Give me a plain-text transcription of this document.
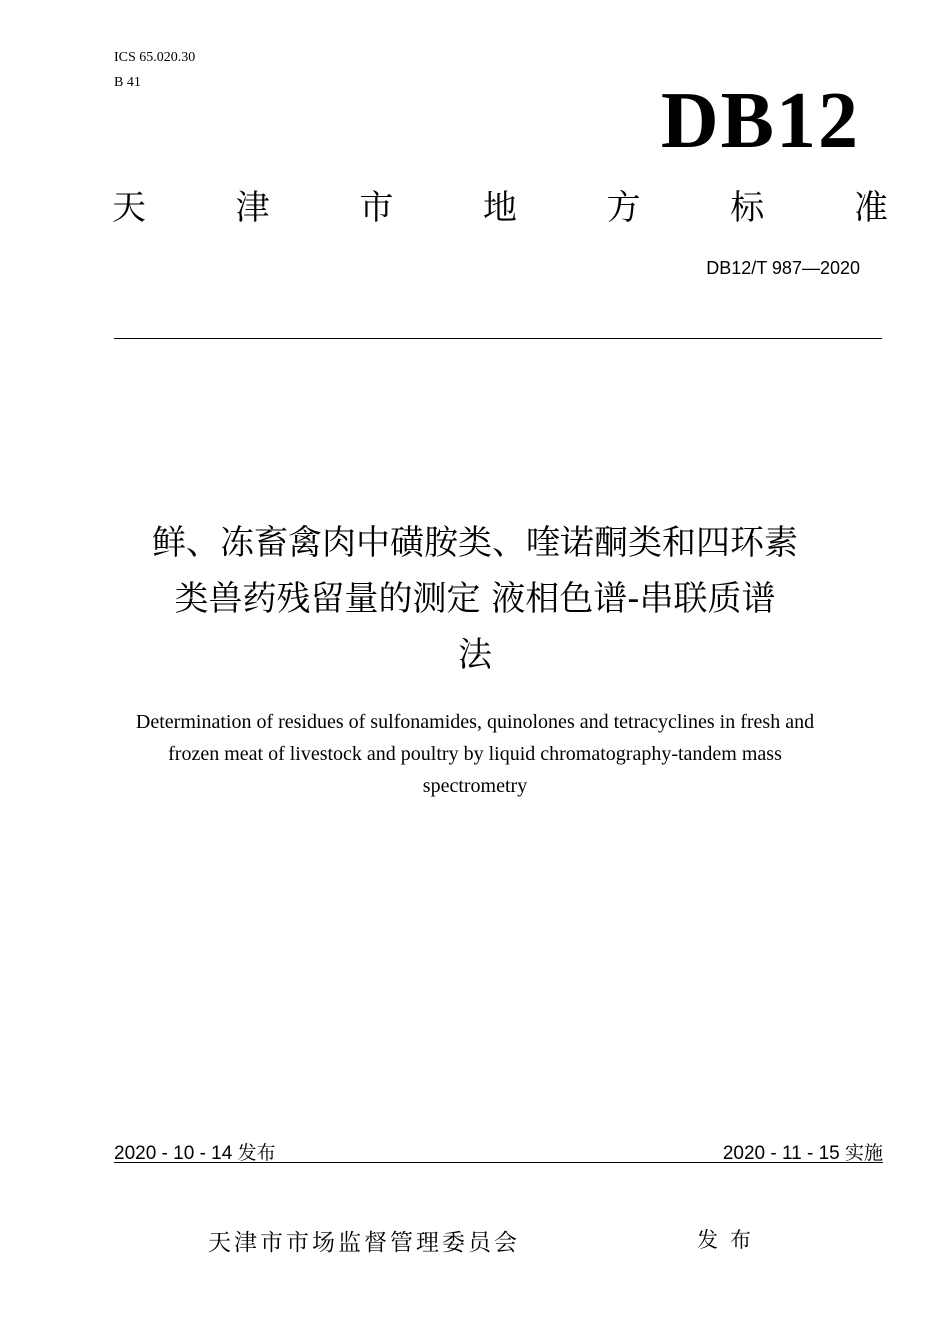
ICS 65.020.30
B 41	DB12
天	津	市	地	方	标	准
DB12/T 987—2020
鲜、冻畜禽肉中磺胺类、喹诺酮类和四环素
类兽药残留量的测定 液相色谱-串联质谱
法
Determination of residues of sulfonamides, quinolones and tetracyclines in fresh and
frozen meat of livestock and poultry by liquid chromatography-tandem mass
spectrometry
2020 - 10 - 14 发布	2020 - 11 - 15 实施
天津市市场监督管理委员会	发布
